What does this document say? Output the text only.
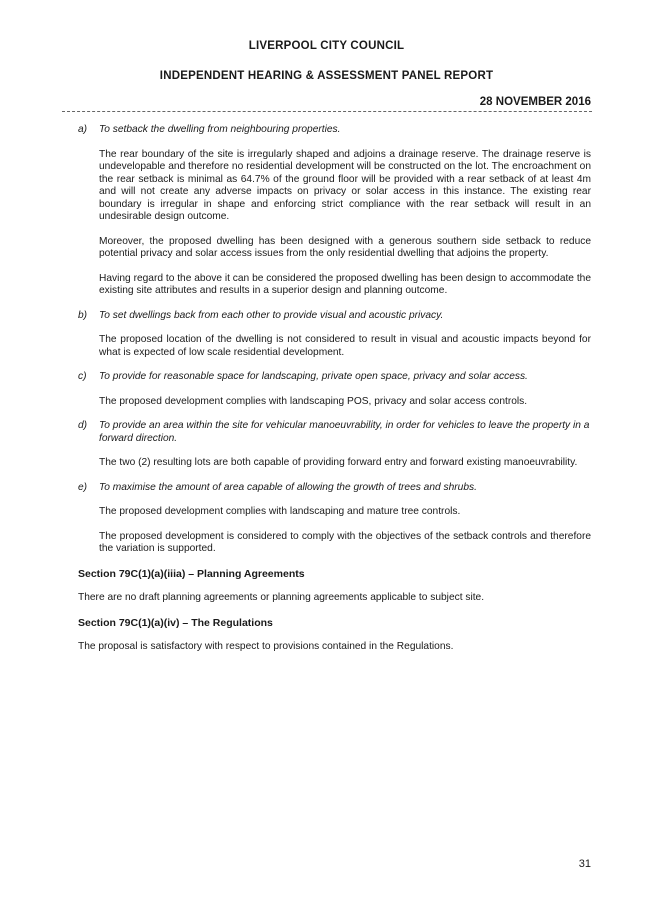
LIVERPOOL CITY COUNCIL
INDEPENDENT HEARING & ASSESSMENT PANEL REPORT
28 NOVEMBER 2016

a) To setback the dwelling from neighbouring properties.

The rear boundary of the site is irregularly shaped and adjoins a drainage reserve. The drainage reserve is undevelopable and therefore no residential development will be constructed on the lot. The encroachment on the rear setback is minimal as 64.7% of the ground floor will be provided with a rear setback of at least 4m and will not create any adverse impacts on privacy or solar access in this instance. The existing rear boundary is irregular in shape and enforcing strict compliance with the rear setback will result in an undesirable design outcome.

Moreover, the proposed dwelling has been designed with a generous southern side setback to reduce potential privacy and solar access issues from the only residential dwelling that adjoins the property.

Having regard to the above it can be considered the proposed dwelling has been design to accommodate the existing site attributes and results in a superior design and planning outcome.

b) To set dwellings back from each other to provide visual and acoustic privacy.

The proposed location of the dwelling is not considered to result in visual and acoustic impacts beyond for what is expected of low scale residential development.

c) To provide for reasonable space for landscaping, private open space, privacy and solar access.

The proposed development complies with landscaping POS, privacy and solar access controls.

d) To provide an area within the site for vehicular manoeuvrability, in order for vehicles to leave the property in a forward direction.

The two (2) resulting lots are both capable of providing forward entry and forward existing manoeuvrability.

e) To maximise the amount of area capable of allowing the growth of trees and shrubs.

The proposed development complies with landscaping and mature tree controls.

The proposed development is considered to comply with the objectives of the setback controls and therefore the variation is supported.

Section 79C(1)(a)(iiia) – Planning Agreements

There are no draft planning agreements or planning agreements applicable to subject site.

Section 79C(1)(a)(iv) – The Regulations

The proposal is satisfactory with respect to provisions contained in the Regulations.

31
